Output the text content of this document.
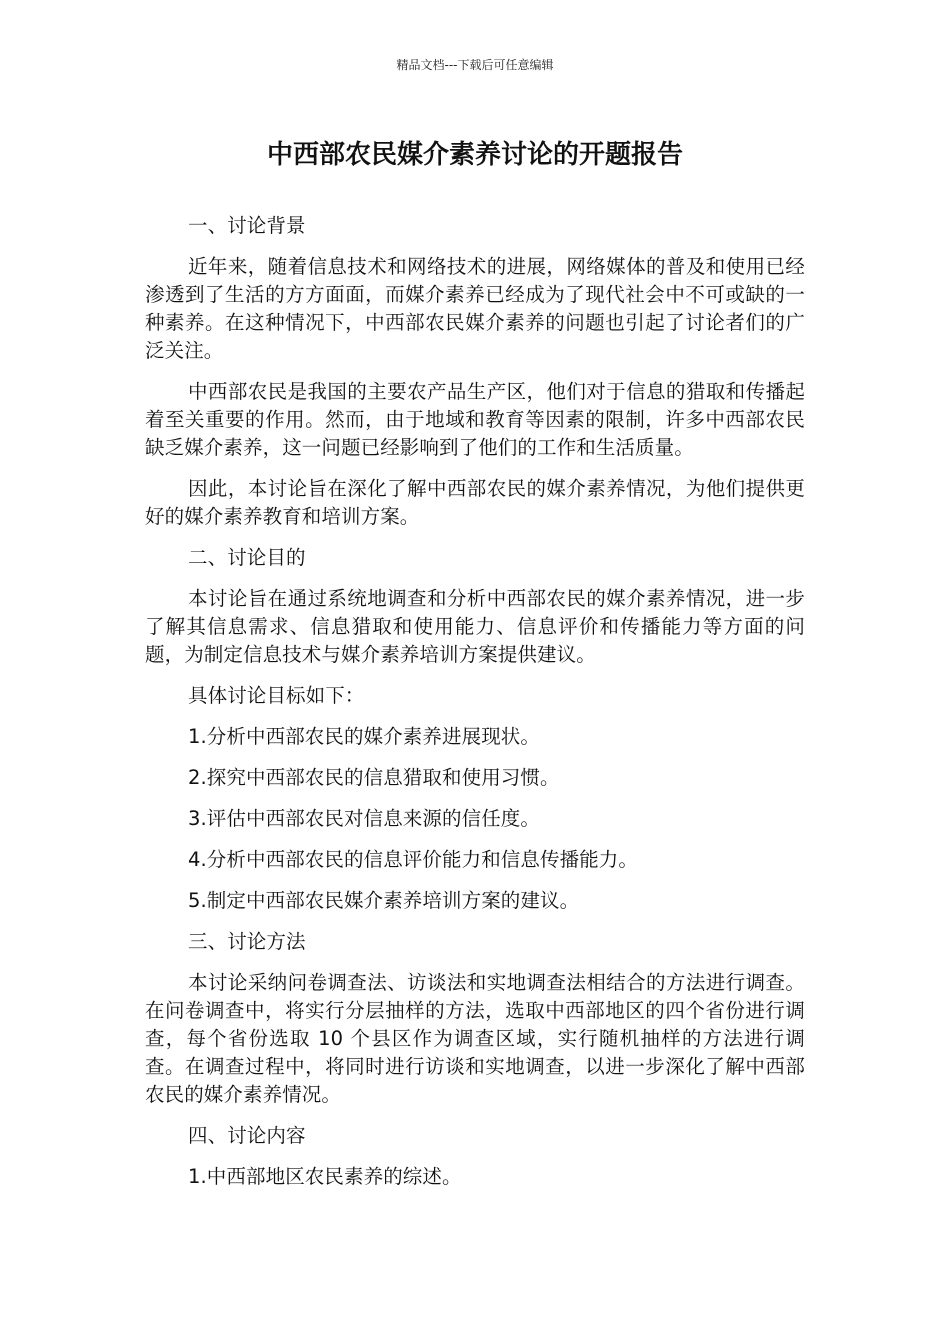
精品文档---下载后可任意编辑
中西部农民媒介素养讨论的开题报告

一、讨论背景

近年来，随着信息技术和网络技术的进展，网络媒体的普及和使用已经渗透到了生活的方方面面，而媒介素养已经成为了现代社会中不可或缺的一种素养。在这种情况下，中西部农民媒介素养的问题也引起了讨论者们的广泛关注。

中西部农民是我国的主要农产品生产区，他们对于信息的猎取和传播起着至关重要的作用。然而，由于地域和教育等因素的限制，许多中西部农民缺乏媒介素养，这一问题已经影响到了他们的工作和生活质量。

因此，本讨论旨在深化了解中西部农民的媒介素养情况，为他们提供更好的媒介素养教育和培训方案。

二、讨论目的

本讨论旨在通过系统地调查和分析中西部农民的媒介素养情况，进一步了解其信息需求、信息猎取和使用能力、信息评价和传播能力等方面的问题，为制定信息技术与媒介素养培训方案提供建议。

具体讨论目标如下：

1.分析中西部农民的媒介素养进展现状。

2.探究中西部农民的信息猎取和使用习惯。

3.评估中西部农民对信息来源的信任度。

4.分析中西部农民的信息评价能力和信息传播能力。

5.制定中西部农民媒介素养培训方案的建议。

三、讨论方法

本讨论采纳问卷调查法、访谈法和实地调查法相结合的方法进行调查。在问卷调查中，将实行分层抽样的方法，选取中西部地区的四个省份进行调查，每个省份选取 10 个县区作为调查区域，实行随机抽样的方法进行调查。在调查过程中，将同时进行访谈和实地调查，以进一步深化了解中西部农民的媒介素养情况。

四、讨论内容

1.中西部地区农民素养的综述。
